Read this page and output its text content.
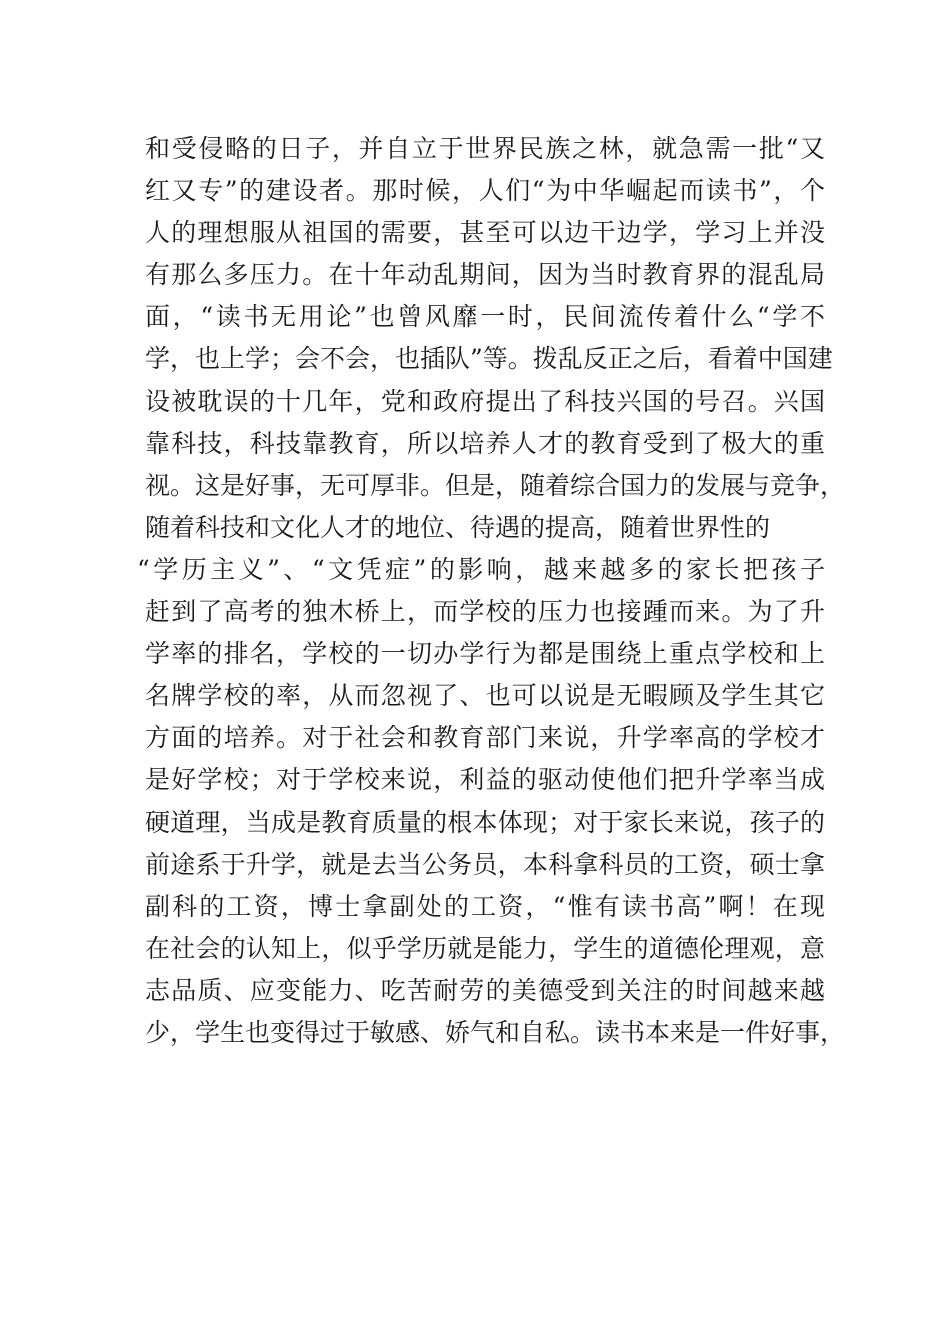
和受侵略的日子，并自立于世界民族之林，就急需一批“又
红又专”的建设者。那时候，人们“为中华崛起而读书”，个
人的理想服从祖国的需要，甚至可以边干边学，学习上并没
有那么多压力。在十年动乱期间，因为当时教育界的混乱局
面，“读书无用论”也曾风靡一时，民间流传着什么“学不
学，也上学；会不会，也插队”等。拨乱反正之后，看着中国建
设被耽误的十几年，党和政府提出了科技兴国的号召。兴国
靠科技，科技靠教育，所以培养人才的教育受到了极大的重
视。这是好事，无可厚非。但是，随着综合国力的发展与竞争，
随着科技和文化人才的地位、待遇的提高，随着世界性的
“学历主义”、“文凭症”的影响，越来越多的家长把孩子
赶到了高考的独木桥上，而学校的压力也接踵而来。为了升
学率的排名，学校的一切办学行为都是围绕上重点学校和上
名牌学校的率，从而忽视了、也可以说是无暇顾及学生其它
方面的培养。对于社会和教育部门来说，升学率高的学校才
是好学校；对于学校来说，利益的驱动使他们把升学率当成
硬道理，当成是教育质量的根本体现；对于家长来说，孩子的
前途系于升学，就是去当公务员，本科拿科员的工资，硕士拿
副科的工资，博士拿副处的工资，“惟有读书高”啊！在现
在社会的认知上，似乎学历就是能力，学生的道德伦理观，意
志品质、应变能力、吃苦耐劳的美德受到关注的时间越来越
少，学生也变得过于敏感、娇气和自私。读书本来是一件好事，
